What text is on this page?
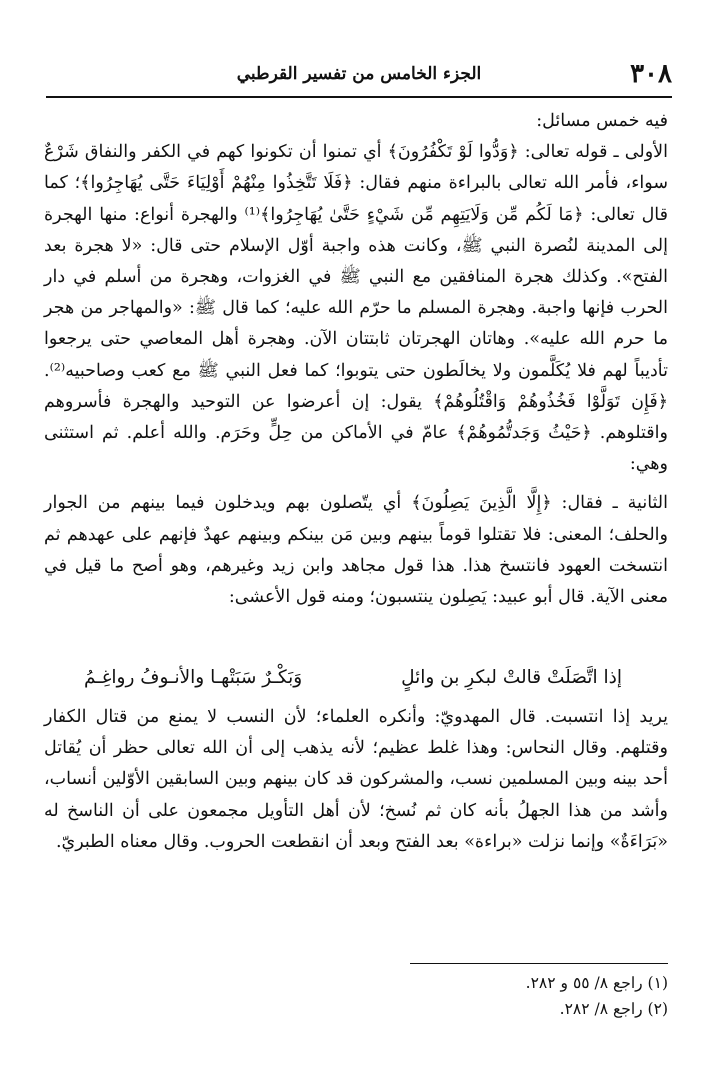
٣٠٨
الجزء الخامس من تفسير القرطبي

فيه خمس مسائل:

الأولى ـ قوله تعالى: ﴿وَدُّوا لَوْ تَكْفُرُونَ﴾ أي تمنوا أن تكونوا كهم في الكفر والنفاق شَرْعٌ سواء، فأمر الله تعالى بالبراءة منهم فقال: ﴿فَلَا تَتَّخِذُوا مِنْهُمْ أَوْلِيَاءَ حَتَّى يُهَاجِرُوا﴾؛ كما قال تعالى: ﴿مَا لَكُم مِّن وَلَايَتِهِم مِّن شَيْءٍ حَتَّىٰ يُهَاجِرُوا﴾⁽¹⁾ والهجرة أنواع: منها الهجرة إلى المدينة لنُصرة النبي ﷺ، وكانت هذه واجبة أوّل الإسلام حتى قال: «لا هجرة بعد الفتح». وكذلك هجرة المنافقين مع النبي ﷺ في الغزوات، وهجرة من أسلم في دار الحرب فإنها واجبة. وهجرة المسلم ما حرّم الله عليه؛ كما قال ﷺ: «والمهاجر من هجر ما حرم الله عليه». وهاتان الهجرتان ثابتتان الآن. وهجرة أهل المعاصي حتى يرجعوا تأديباً لهم فلا يُكَلَّمون ولا يخالَطون حتى يتوبوا؛ كما فعل النبي ﷺ مع كعب وصاحبيه⁽²⁾. ﴿فَإِن تَوَلَّوْا فَخُذُوهُمْ وَاقْتُلُوهُمْ﴾ يقول: إن أعرضوا عن التوحيد والهجرة فأسروهم واقتلوهم. ﴿حَيْثُ وَجَدتُّمُوهُمْ﴾ عامّ في الأماكن من حِلٍّ وحَرَم. والله أعلم. ثم استثنى وهي:

الثانية ـ فقال: ﴿إِلَّا الَّذِينَ يَصِلُونَ﴾ أي يتّصلون بهم ويدخلون فيما بينهم من الجوار والحلف؛ المعنى: فلا تقتلوا قوماً بينهم وبين مَن بينكم وبينهم عهدٌ فإنهم على عهدهم ثم انتسخت العهود فانتسخ هذا. هذا قول مجاهد وابن زيد وغيرهم، وهو أصح ما قيل في معنى الآية. قال أبو عبيد: يَصِلون ينتسبون؛ ومنه قول الأعشى:

إذا اتَّصَلَتْ قالتْ لبكرِ بن وائلٍ
وَبَكْـرٌ سَبَتْهـا والأنـوفُ رواغِـمُ

يريد إذا انتسبت. قال المهدويّ: وأنكره العلماء؛ لأن النسب لا يمنع من قتال الكفار وقتلهم. وقال النحاس: وهذا غلط عظيم؛ لأنه يذهب إلى أن الله تعالى حظر أن يُقاتل أحد بينه وبين المسلمين نسب، والمشركون قد كان بينهم وبين السابقين الأوّلين أنساب، وأشد من هذا الجهلُ بأنه كان ثم نُسخ؛ لأن أهل التأويل مجمعون على أن الناسخ له «بَرَاءَةٌ» وإنما نزلت «براءة» بعد الفتح وبعد أن انقطعت الحروب. وقال معناه الطبريّ.

(١) راجع ٨/ ٥٥ و ٢٨٢.

(٢) راجع ٨/ ٢٨٢.
